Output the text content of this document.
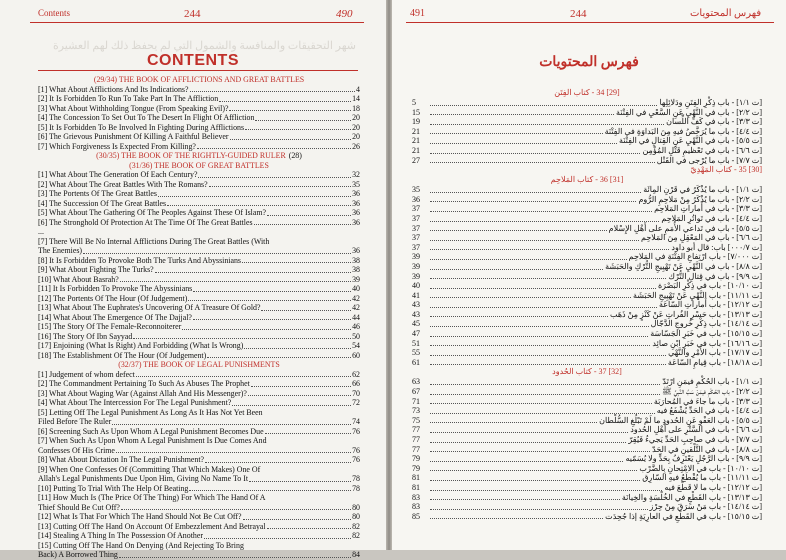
Contents	244	490
شهر التحقيقات والمنافسة والشمول التي لم يحفظ ذلك لهم العشيرة
CONTENTS
(29/34) THE BOOK OF AFFLICTIONS AND GREAT BATTLES
[1] What About Afflictions And Its Indications?	4
[2] It Is Forbidden To Run To Take Part In The Affliction	14
[3] What About Withholding Tongue (From Speaking Evil)?	18
[4] The Concession To Set Out To The Desert In Flight Of Affliction	20
[5] It Is Forbidden To Be Involved In Fighting During Afflictions	20
[6] The Grievous Punishment Of Killing A Faithful Believer	20
[7] Which Forgiveness Is Expected From Killing?	26
(30/35) THE BOOK OF THE RIGHTLY-GUIDED RULER (28)
(31/36) THE BOOK OF GREAT BATTLES
[1] What About The Generation Of Each Century?	32
[2] What About The Great Battles With The Romans?	35
[3] The Portents Of The Great Battles	36
[4] The Succession Of The Great Battles	36
[5] What About The Gathering Of The Peoples Against These Of Islam?	36
[6] The Stronghold Of Protection At The Time Of The Great Battles	36
...
[7] There Will Be No Internal Afflictions During The Great Battles (With
The Enemies)	36
[8] It Is Forbidden To Provoke Both The Turks And Abyssinians	38
[9] What About Fighting The Turks?	38
[10] What About Basrah?	39
[11] It Is Forbidden To Provoke The Abyssinians	40
[12] The Portents Of The Hour (Of Judgement)	42
[13] What About The Euphrates's Uncovering Of A Treasure Of Gold?	42
[14] What About The Emergence Of The Dajjal?	44
[15] The Story Of The Female-Reconnoiterer	46
[16] The Story Of Ibn Sayyad	50
[17] Enjoining (What Is Right) And Forbidding (What Is Wrong)	54
[18] The Establishment Of The Hour (Of Judgement)	60
(32/37) THE BOOK OF LEGAL PUNISHMENTS
[1] Judgement of whom defect	62
[2] The Commandment Pertaining To Such As Abuses The Prophet	66
[3] What About Waging War (Against Allah And His Messenger)?	70
[4] What About The Intercession For The Legal Punishment?	72
[5] Letting Off The Legal Punishment As Long As It Has Not Yet Been
Filed Before The Ruler	74
[6] Screening Such As Upon Whom A Legal Punishment Becomes Due	76
[7] When Such As Upon Whom A Legal Punishment Is Due Comes And
Confesses Of His Crime	76
[8] What About Dictation In The Legal Punishment?	76
[9] When One Confesses Of (Committing That Which Makes) One Of
Allah's Legal Punishments Due Upon Him, Giving No Name To It	78
[10] Putting To Trial With The Help Of Beating	78
[11] How Much Is (The Price Of The Thing) For Which The Hand Of A
Thief Should Be Cut Off?	80
[12] What Is That For Which The Hand Should Not Be Cut Off?	80
[13] Cutting Off The Hand On Account Of Embezzlement And Betrayal	82
[14] Stealing A Thing In The Possession Of Another	82
[15] Cutting Off The Hand On Denying (And Rejecting To Bring
Back) A Borrowed Thing	84
491	244	فهرس المحتويات
فهرس المحتويات
[29] 34 - كتاب الفِتَن
5	[ت ١/١] - باب ذِكْرِ الفِتَنِ ودَلائِلِها
15	[ت ٢/٢] - باب في النَّهْيِ عَنِ السَّعْيِ في الفِتْنَة
19	[ت ٣/٣] - باب في كَفِّ اللِّسان
21	[ت ٤/٤] - باب ما يُرَخَّصُ فيهِ مِنَ البَداوَةِ في الفِتْنَة
21	[ت ٥/٥] - باب في النَّهْيِ عَنِ القِتالِ في الفِتْنَة
21	[ت ٦/٦] - باب في تَعْظيمِ قَتْلِ المُؤْمِن
27	[ت ٧/٧] - باب ما يُرْجى في القَتْل
[30] 35 - كتاب المَهْدِيّ
[31] 36 - كتاب المَلاحِم
35	[ت ١/١] - باب ما يُذْكَرُ في قَرْنِ المِائَة
36	[ت ٢/٢] - باب ما يُذْكَرُ مِنْ مَلاحِمِ الرُّوم
37	[ت ٣/٣] - باب في أَماراتِ المَلاحِم
37	[ت ٤/٤] - باب في تَواتُرِ المَلاحِم
37	[ت ٥/٥] - باب في تَداعي الأُمَمِ على أَهْلِ الإِسْلام
37	[ت ٦/٦] - باب في المَعْقِلِ مِنَ المَلاحِم
37	[ت ٠٠٠/٧] باب: قال أبو داود
39	[ت ٧/٠٠٠] - باب ارْتِفاعِ الفِتْنَةِ في المَلاحِم
39	[ت ٨/٨] - باب في النَّهْيِ عَنْ تَهْيِيجِ التُّرْكِ والحَبَشَة
39	[ت ٩/٩] - باب في قِتالِ التُّرْك
40	[ت ١٠/١٠] - باب في ذِكْرِ البَصْرَة
41	[ت ١١/١١] - باب النَّهْيِ عَنْ تَهْيِيجِ الحَبَشَة
43	[ت ١٢/١٢] - باب أَماراتِ السّاعَة
43	[ت ١٣/١٣] - باب حَسْرِ الفُراتِ عَنْ كَنْزٍ مِنْ ذَهَب
45	[ت ١٤/١٤] - باب ذِكْرِ خُروجِ الدَّجّال
47	[ت ١٥/١٥] - باب في خَبَرِ الجَسّاسَة
51	[ت ١٦/١٦] - باب في خَبَرِ ابْنِ صائِد
55	[ت ١٧/١٧] - باب الأَمْرِ والنَّهْي
61	[ت ١٨/١٨] - باب قِيامِ السّاعَة
[32] 37 - كتاب الحُدود
63	[ت ١/١] - باب الحُكْمِ فيمَنِ ارْتَدّ
67	[ت ٢/٢] - باب الحُكْمِ فيمَنْ سَبَّ النَّبِيَّ ﷺ
71	[ت ٣/٣] - باب ما جاءَ في المُحارَبَة
73	[ت ٤/٤] - باب في الحَدِّ يُشْفَعُ فيه
75	[ت ٥/٥] - باب العَفْوِ عَنِ الحُدودِ ما لَمْ تَبْلُغِ السُّلْطان
77	[ت ٦/٦] - باب في السَّتْرِ على أَهْلِ الحُدود
77	[ت ٧/٧] - باب في صاحِبِ الحَدِّ يَجيءُ فَيُقِرّ
77	[ت ٨/٨] - باب في التَّلْقينِ في الحَدّ
79	[ت ٩/٩] - باب الرَّجُلِ يَعْتَرِفُ بِحَدٍّ ولا يُسَمّيه
79	[ت ١٠/١٠] - باب في الامْتِحانِ بِالضَّرْب
81	[ت ١١/١١] - باب ما يُقْطَعُ فيهِ السّارِق
81	[ت ١٢/١٢] - باب ما لا قَطْعَ فيه
83	[ت ١٣/١٣] - باب القَطْعِ في الخُلْسَةِ والخِيانَة
83	[ت ١٤/١٤] - باب مَنْ سَرَقَ مِنْ حِرْز
85	[ت ١٥/١٥] - باب في القَطْعِ في العارِيَةِ إذا جُحِدَت
